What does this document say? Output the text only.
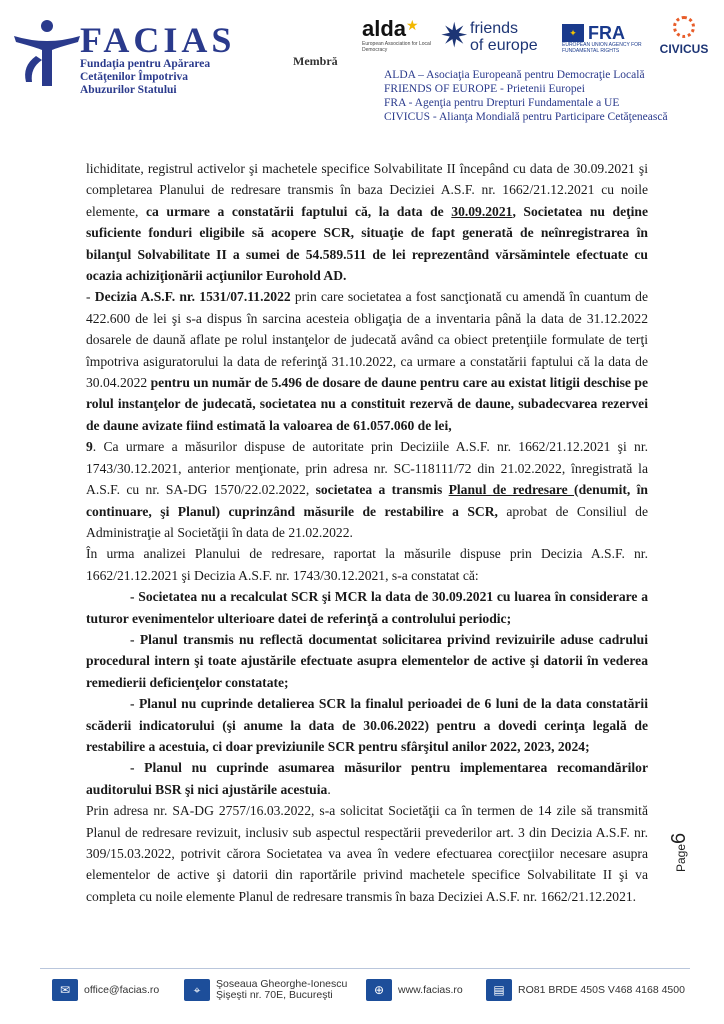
FACIAS
Fundaţia pentru Apărarea
Cetăţenilor Împotriva
Abuzurilor Statului
Membră
alda★
European Association for Local Democracy	✷ friends
of europe
✦ FRA
EUROPEAN UNION AGENCY FOR FUNDAMENTAL RIGHTS	CIVICUS
ALDA – Asociaţia Europeană pentru Democraţie Locală
FRIENDS OF EUROPE - Prietenii Europei
FRA - Agenţia pentru Drepturi Fundamentale a UE
CIVICUS - Alianţa Mondială pentru Participare Cetăţenească

lichiditate, registrul activelor şi machetele specifice Solvabilitate II începând cu data de 30.09.2021 şi completarea Planului de redresare transmis în baza Deciziei A.S.F. nr. 1662/21.12.2021 cu noile elemente, ca urmare a constatării faptului că, la data de 30.09.2021, Societatea nu deţine suficiente fonduri eligibile să acopere SCR, situaţie de fapt generată de neînregistrarea în bilanţul Solvabilitate II a sumei de 54.589.511 de lei reprezentând vărsămintele efectuate cu ocazia achiziţionării acţiunilor Eurohold AD.

- Decizia A.S.F. nr. 1531/07.11.2022 prin care societatea a fost sancţionată cu amendă în cuantum de 422.600 de lei şi s-a dispus în sarcina acesteia obligaţia de a inventaria până la data de 31.12.2022 dosarele de daună aflate pe rolul instanţelor de judecată având ca obiect pretenţiile formulate de terţi împotriva asiguratorului la data de referinţă 31.10.2022, ca urmare a constatării faptului că la data de 30.04.2022 pentru un număr de 5.496 de dosare de daune pentru care au existat litigii deschise pe rolul instanţelor de judecată, societatea nu a constituit rezervă de daune, subadecvarea rezervei de daune avizate fiind estimată la valoarea de 61.057.060 de lei,

9. Ca urmare a măsurilor dispuse de autoritate prin Deciziile A.S.F. nr. 1662/21.12.2021 şi nr. 1743/30.12.2021, anterior menţionate, prin adresa nr. SC-118111/72 din 21.02.2022, înregistrată la A.S.F. cu nr. SA-DG 1570/22.02.2022, societatea a transmis Planul de redresare (denumit, în continuare, şi Planul) cuprinzând măsurile de restabilire a SCR, aprobat de Consiliul de Administraţie al Societăţii în data de 21.02.2022.

În urma analizei Planului de redresare, raportat la măsurile dispuse prin Decizia A.S.F. nr. 1662/21.12.2021 şi Decizia A.S.F. nr. 1743/30.12.2021, s-a constatat că:

- Societatea nu a recalculat SCR şi MCR la data de 30.09.2021 cu luarea în considerare a tuturor evenimentelor ulterioare datei de referinţă a controlului periodic;

- Planul transmis nu reflectă documentat solicitarea privind revizuirile aduse cadrului procedural intern şi toate ajustările efectuate asupra elementelor de active şi datorii în vederea remedierii deficienţelor constatate;

- Planul nu cuprinde detalierea SCR la finalul perioadei de 6 luni de la data constatării scăderii indicatorului (şi anume la data de 30.06.2022) pentru a dovedi cerinţa legală de restabilire a acestuia, ci doar previziunile SCR pentru sfârşitul anilor 2022, 2023, 2024;

- Planul nu cuprinde asumarea măsurilor pentru implementarea recomandărilor auditorului BSR şi nici ajustările acestuia.

Prin adresa nr. SA-DG 2757/16.03.2022, s-a solicitat Societăţii ca în termen de 14 zile să transmită Planul de redresare revizuit, inclusiv sub aspectul respectării prevederilor art. 3 din Decizia A.S.F. nr. 309/15.03.2022, potrivit cărora Societatea va avea în vedere efectuarea corecţiilor necesare asupra elementelor de active şi datorii din raportările privind machetele specifice Solvabilitate II şi va completa cu noile elemente Planul de redresare transmis în baza Deciziei A.S.F. nr. 1662/21.12.2021.

Page6
✉	office@facias.ro	⌖	Şoseaua Gheorghe-Ionescu
Şişeşti nr. 70E, Bucureşti	⊕	www.facias.ro	▤	RO81 BRDE 450S V468 4168 4500
